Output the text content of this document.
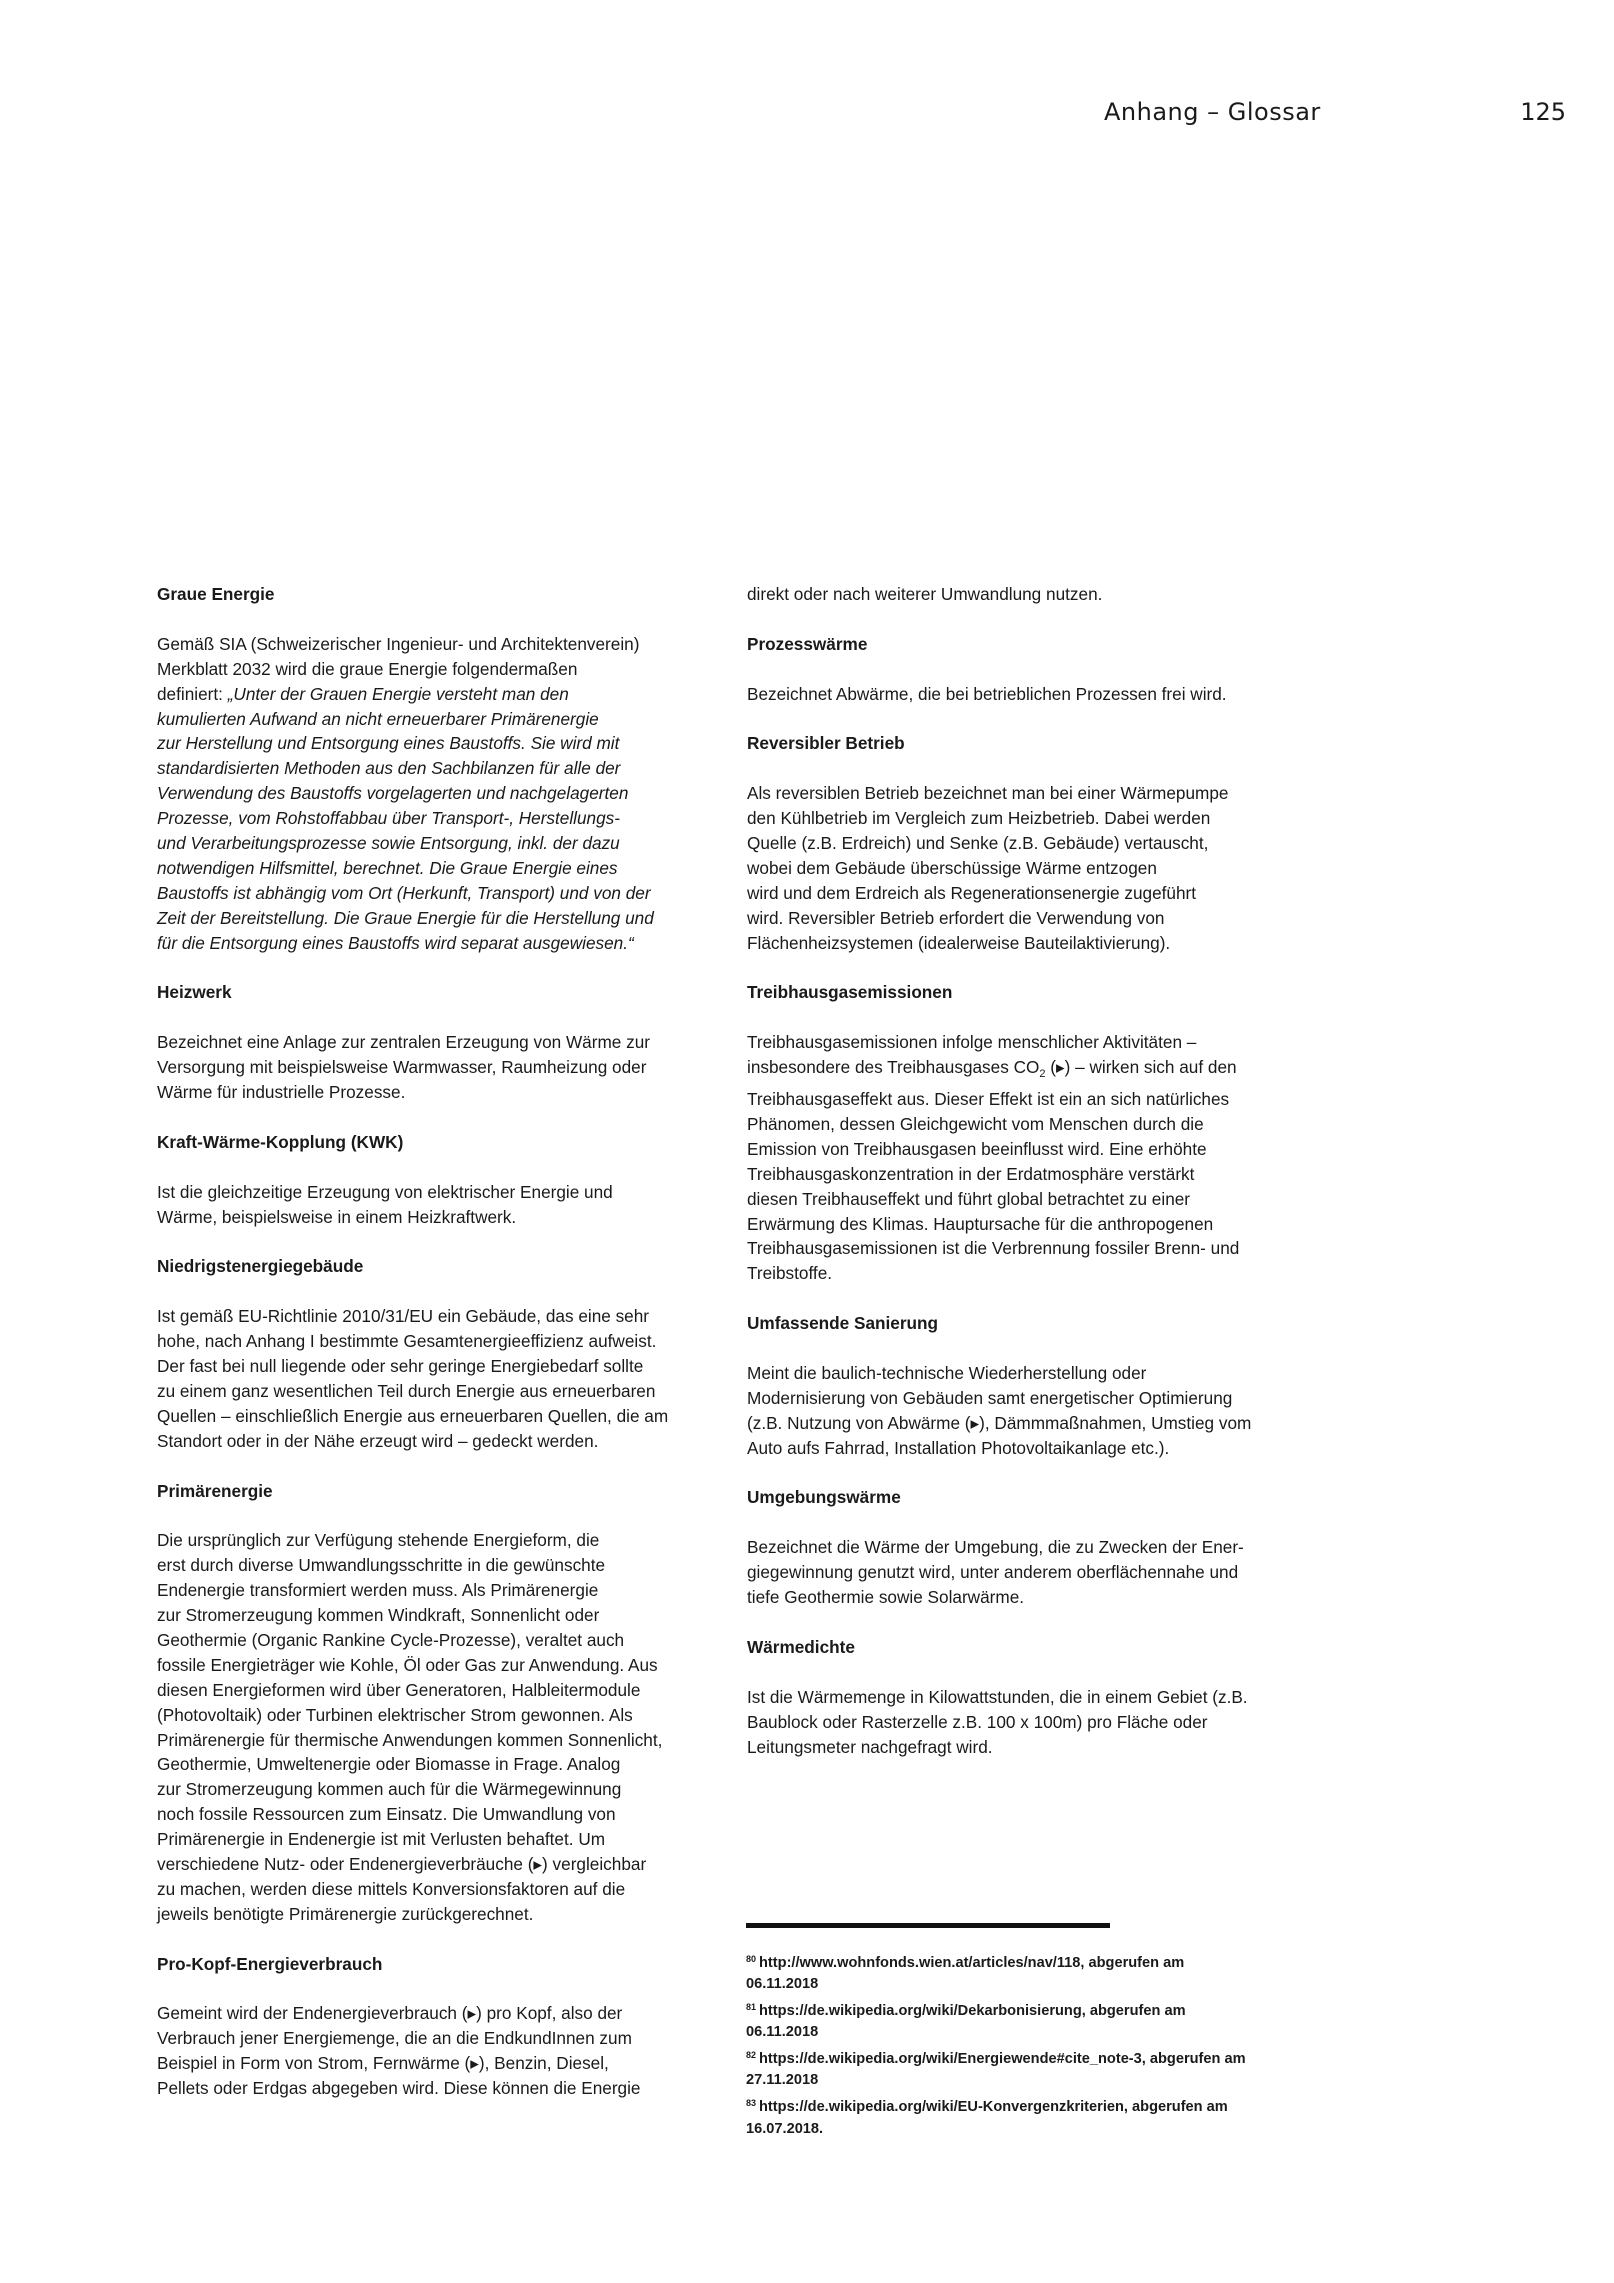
Anhang – Glossar	125
Graue Energie
Gemäß SIA (Schweizerischer Ingenieur- und Architektenverein)
Merkblatt 2032 wird die graue Energie folgendermaßen
definiert: „Unter der Grauen Energie versteht man den
kumulierten Aufwand an nicht erneuerbarer Primärenergie
zur Herstellung und Entsorgung eines Baustoffs. Sie wird mit
standardisierten Methoden aus den Sachbilanzen für alle der
Verwendung des Baustoffs vorgelagerten und nachgelagerten
Prozesse, vom Rohstoffabbau über Transport-, Herstellungs-
und Verarbeitungsprozesse sowie Entsorgung, inkl. der dazu
notwendigen Hilfsmittel, berechnet. Die Graue Energie eines
Baustoffs ist abhängig vom Ort (Herkunft, Transport) und von der
Zeit der Bereitstellung. Die Graue Energie für die Herstellung und
für die Entsorgung eines Baustoffs wird separat ausgewiesen.“
Heizwerk
Bezeichnet eine Anlage zur zentralen Erzeugung von Wärme zur
Versorgung mit beispielsweise Warmwasser, Raumheizung oder
Wärme für industrielle Prozesse.
Kraft-Wärme-Kopplung (KWK)
Ist die gleichzeitige Erzeugung von elektrischer Energie und
Wärme, beispielsweise in einem Heizkraftwerk.
Niedrigstenergiegebäude
Ist gemäß EU-Richtlinie 2010/31/EU ein Gebäude, das eine sehr
hohe, nach Anhang I bestimmte Gesamtenergieeffizienz aufweist.
Der fast bei null liegende oder sehr geringe Energiebedarf sollte
zu einem ganz wesentlichen Teil durch Energie aus erneuerbaren
Quellen – einschließlich Energie aus erneuerbaren Quellen, die am
Standort oder in der Nähe erzeugt wird – gedeckt werden.
Primärenergie
Die ursprünglich zur Verfügung stehende Energieform, die
erst durch diverse Umwandlungsschritte in die gewünschte
Endenergie transformiert werden muss. Als Primärenergie
zur Stromerzeugung kommen Windkraft, Sonnenlicht oder
Geothermie (Organic Rankine Cycle-Prozesse), veraltet auch
fossile Energieträger wie Kohle, Öl oder Gas zur Anwendung. Aus
diesen Energieformen wird über Generatoren, Halbleitermodule
(Photovoltaik) oder Turbinen elektrischer Strom gewonnen. Als
Primärenergie für thermische Anwendungen kommen Sonnenlicht,
Geothermie, Umweltenergie oder Biomasse in Frage. Analog
zur Stromerzeugung kommen auch für die Wärmegewinnung
noch fossile Ressourcen zum Einsatz. Die Umwandlung von
Primärenergie in Endenergie ist mit Verlusten behaftet. Um
verschiedene Nutz- oder Endenergieverbräuche (▸) vergleichbar
zu machen, werden diese mittels Konversionsfaktoren auf die
jeweils benötigte Primärenergie zurückgerechnet.
Pro-Kopf-Energieverbrauch
Gemeint wird der Endenergieverbrauch (▸) pro Kopf, also der
Verbrauch jener Energiemenge, die an die EndkundInnen zum
Beispiel in Form von Strom, Fernwärme (▸), Benzin, Diesel,
Pellets oder Erdgas abgegeben wird. Diese können die Energie
direkt oder nach weiterer Umwandlung nutzen.
Prozesswärme
Bezeichnet Abwärme, die bei betrieblichen Prozessen frei wird.
Reversibler Betrieb
Als reversiblen Betrieb bezeichnet man bei einer Wärmepumpe
den Kühlbetrieb im Vergleich zum Heizbetrieb. Dabei werden
Quelle (z.B. Erdreich) und Senke (z.B. Gebäude) vertauscht,
wobei dem Gebäude überschüssige Wärme entzogen
wird und dem Erdreich als Regenerationsenergie zugeführt
wird. Reversibler Betrieb erfordert die Verwendung von
Flächenheizsystemen (idealerweise Bauteilaktivierung).
Treibhausgasemissionen
Treibhausgasemissionen infolge menschlicher Aktivitäten –
insbesondere des Treibhausgases $CO_2$ (▸) – wirken sich auf den
Treibhausgaseffekt aus. Dieser Effekt ist ein an sich natürliches
Phänomen, dessen Gleichgewicht vom Menschen durch die
Emission von Treibhausgasen beeinflusst wird. Eine erhöhte
Treibhausgaskonzentration in der Erdatmosphäre verstärkt
diesen Treibhauseffekt und führt global betrachtet zu einer
Erwärmung des Klimas. Hauptursache für die anthropogenen
Treibhausgasemissionen ist die Verbrennung fossiler Brenn- und
Treibstoffe.
Umfassende Sanierung
Meint die baulich-technische Wiederherstellung oder
Modernisierung von Gebäuden samt energetischer Optimierung
(z.B. Nutzung von Abwärme (▸), Dämmmaßnahmen, Umstieg vom
Auto aufs Fahrrad, Installation Photovoltaikanlage etc.).
Umgebungswärme
Bezeichnet die Wärme der Umgebung, die zu Zwecken der Ener-
giegewinnung genutzt wird, unter anderem oberflächennahe und
tiefe Geothermie sowie Solarwärme.
Wärmedichte
Ist die Wärmemenge in Kilowattstunden, die in einem Gebiet (z.B.
Baublock oder Rasterzelle z.B. 100 x 100m) pro Fläche oder
Leitungsmeter nachgefragt wird.
$^{80}$ http://www.wohnfonds.wien.at/articles/nav/118, abgerufen am
06.11.2018
$^{81}$ https://de.wikipedia.org/wiki/Dekarbonisierung, abgerufen am
06.11.2018
$^{82}$ https://de.wikipedia.org/wiki/Energiewende#cite_note-3, abgerufen am
27.11.2018
$^{83}$ https://de.wikipedia.org/wiki/EU-Konvergenzkriterien, abgerufen am
16.07.2018.
